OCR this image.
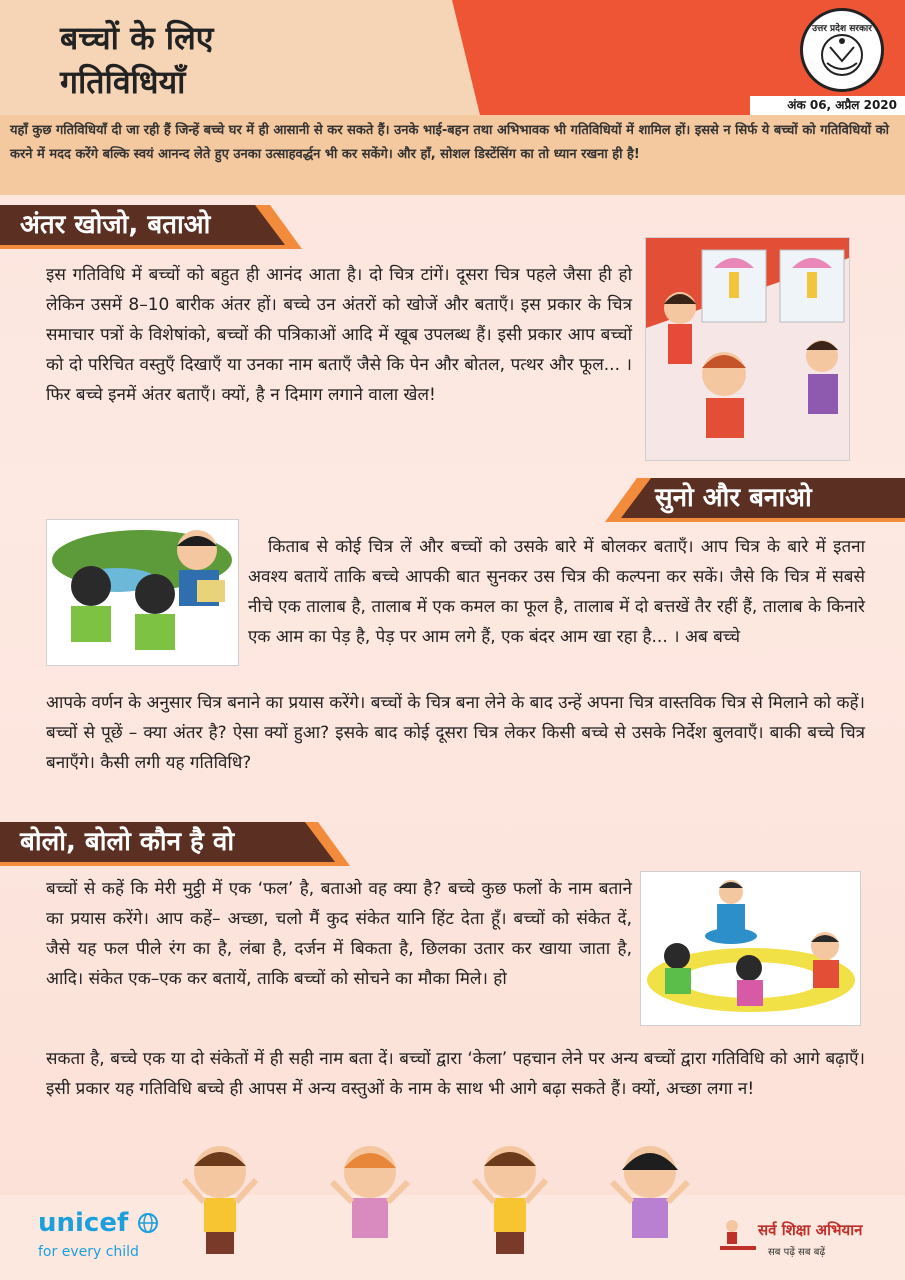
बच्चों के लिए
गतिविधियाँ
उत्तर प्रदेश सरकार
अंक 06, अप्रैल 2020
यहाँ कुछ गतिविधियाँ दी जा रही हैं जिन्हें बच्चे घर में ही आसानी से कर सकते हैं। उनके भाई-बहन तथा अभिभावक भी गतिविधियों में शामिल हों। इससे न सिर्फ ये बच्चों को गतिविधियों को करने में मदद करेंगे बल्कि स्वयं आनन्द लेते हुए उनका उत्साहवर्द्धन भी कर सकेंगे। और हाँ, सोशल डिस्टेंसिंग का तो ध्यान रखना ही है!
अंतर खोजो, बताओ
इस गतिविधि में बच्चों को बहुत ही आनंद आता है। दो चित्र टांगें। दूसरा चित्र पहले जैसा ही हो लेकिन उसमें 8–10 बारीक अंतर हों। बच्चे उन अंतरों को खोजें और बताएँ। इस प्रकार के चित्र समाचार पत्रों के विशेषांको, बच्चों की पत्रिकाओं आदि में खूब उपलब्ध हैं। इसी प्रकार आप बच्चों को दो परिचित वस्तुएँ दिखाएँ या उनका नाम बताएँ जैसे कि पेन और बोतल, पत्थर और फूल... । फिर बच्चे इनमें अंतर बताएँ। क्यों, है न दिमाग लगाने वाला खेल!
सुनो और बनाओ
किताब से कोई चित्र लें और बच्चों को उसके बारे में बोलकर बताएँ। आप चित्र के बारे में इतना अवश्य बतायें ताकि बच्चे आपकी बात सुनकर उस चित्र की कल्पना कर सकें। जैसे कि चित्र में सबसे नीचे एक तालाब है, तालाब में एक कमल का फूल है, तालाब में दो बत्तखें तैर रहीं हैं, तालाब के किनारे एक आम का पेड़ है, पेड़ पर आम लगे हैं, एक बंदर आम खा रहा है... । अब बच्चे
आपके वर्णन के अनुसार चित्र बनाने का प्रयास करेंगे। बच्चों के चित्र बना लेने के बाद उन्हें अपना चित्र वास्तविक चित्र से मिलाने को कहें। बच्चों से पूछें – क्या अंतर है? ऐसा क्यों हुआ? इसके बाद कोई दूसरा चित्र लेकर किसी बच्चे से उसके निर्देश बुलवाएँ। बाकी बच्चे चित्र बनाएँगे। कैसी लगी यह गतिविधि?
बोलो, बोलो कौन है वो
बच्चों से कहें कि मेरी मुट्ठी में एक ‘फल’ है, बताओ वह क्या है? बच्चे कुछ फलों के नाम बताने का प्रयास करेंगे। आप कहें– अच्छा, चलो मैं कुद संकेत यानि हिंट देता हूँ। बच्चों को संकेत दें, जैसे यह फल पीले रंग का है, लंबा है, दर्जन में बिकता है, छिलका उतार कर खाया जाता है, आदि। संकेत एक–एक कर बतायें, ताकि बच्चों को सोचने का मौका मिले। हो
सकता है, बच्चे एक या दो संकेतों में ही सही नाम बता दें। बच्चों द्वारा ‘केला’ पहचान लेने पर अन्य बच्चों द्वारा गतिविधि को आगे बढ़ाएँ। इसी प्रकार यह गतिविधि बच्चे ही आपस में अन्य वस्तुओं के नाम के साथ भी आगे बढ़ा सकते हैं। क्यों, अच्छा लगा न!
unicef
for every child
सर्व शिक्षा अभियान
सब पढ़ें सब बढ़ें
